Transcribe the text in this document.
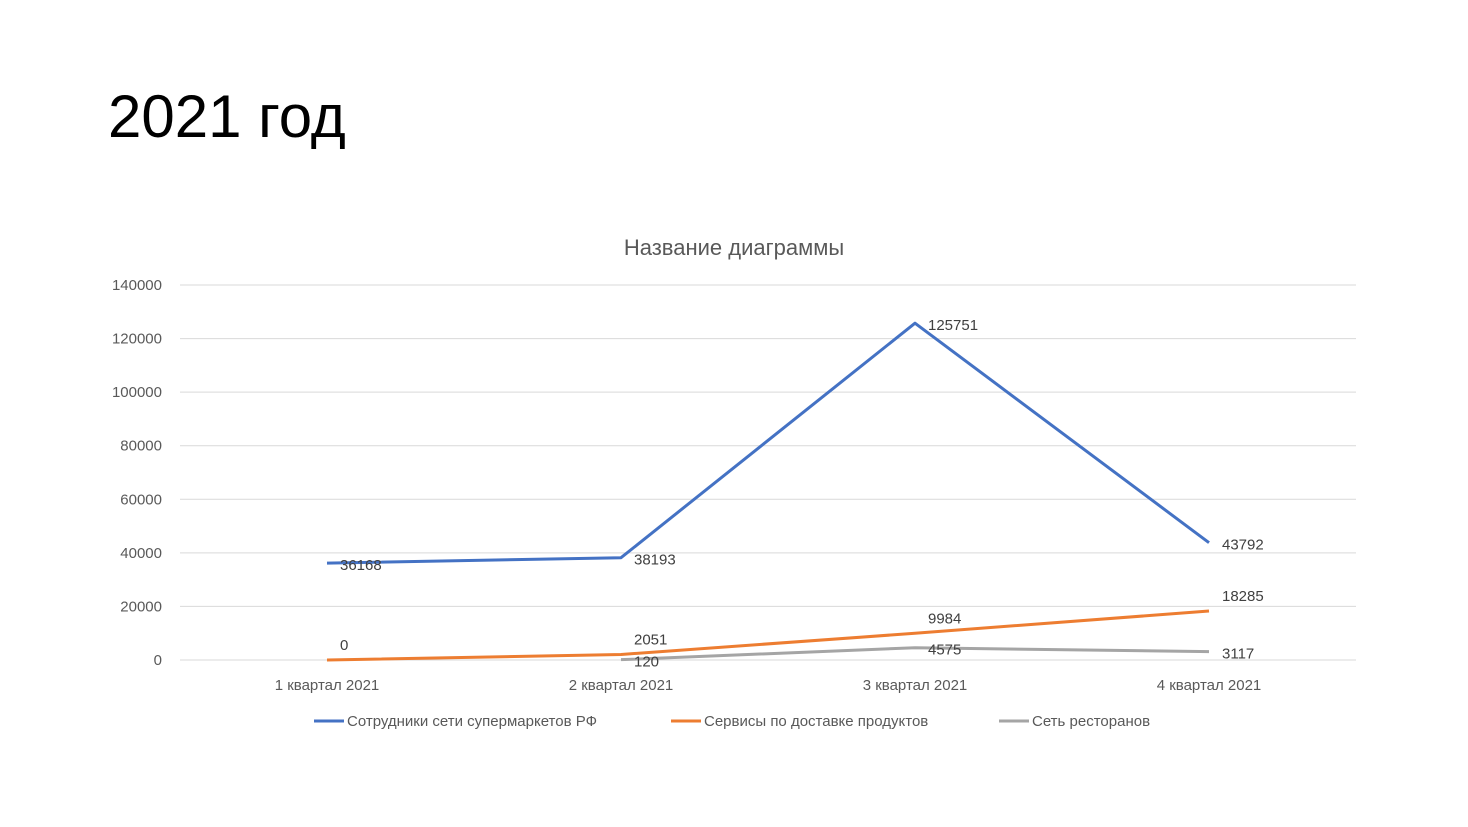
2021 год
Название диаграммы
0
20000
40000
60000
80000
100000
120000
140000
1 квартал 2021	2 квартал 2021	3 квартал 2021	4 квартал 2021
36168	38193
125751
43792
0	2051
9984
18285
120
4575	3117
Сотрудники сети супермаркетов РФ	Сервисы по доставке продуктов	Сеть ресторанов
